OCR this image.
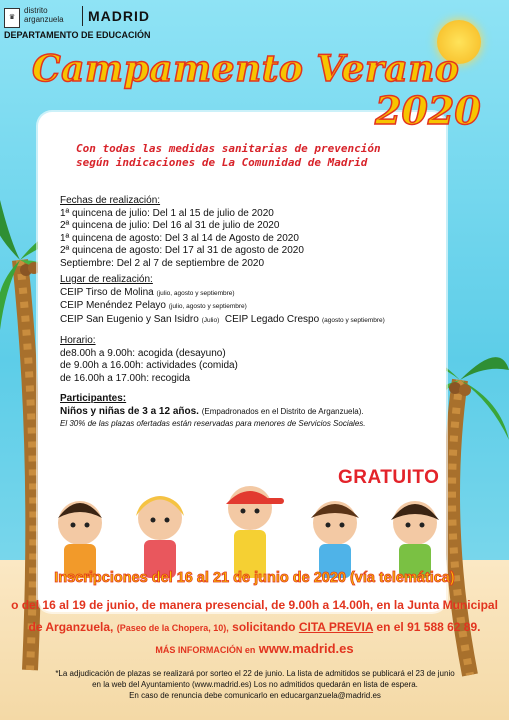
♛
distrito
arganzuela MADRID
DEPARTAMENTO DE EDUCACIÓN
Campamento Verano
2020
Con todas las medidas sanitarias de prevención
según indicaciones de La Comunidad de Madrid
Fechas de realización:
1ª quincena de julio: Del 1 al 15 de julio de 2020
2ª quincena de julio: Del 16 al 31 de julio de 2020
1ª quincena de agosto: Del 3 al 14 de Agosto de 2020
2ª quincena de agosto: Del 17 al 31 de agosto de 2020
Septiembre: Del 2 al 7 de septiembre de 2020
Lugar de realización:
CEIP Tirso de Molina (julio, agosto y septiembre)
CEIP Menéndez Pelayo (julio, agosto y septiembre)
CEIP San Eugenio y San Isidro (Julio) CEIP Legado Crespo (agosto y septiembre)
Horario:
de8.00h a 9.00h: acogida (desayuno)
de 9.00h a 16.00h: actividades (comida)
de 16.00h a 17.00h: recogida
Participantes:
Niños y niñas de 3 a 12 años. (Empadronados en el Distrito de Arganzuela).
El 30% de las plazas ofertadas están reservadas para menores de Servicios Sociales.
GRATUITO
Inscripciones del 16 al 21 de junio de 2020 (vía telemática)
o del 16 al 19 de junio, de manera presencial, de 9.00h a 14.00h, en la Junta Municipal
de Arganzuela, (Paseo de la Chopera, 10), solicitando CITA PREVIA en el 91 588 62 89.
MÁS INFORMACIÓN en www.madrid.es
*La adjudicación de plazas se realizará por sorteo el 22 de junio. La lista de admitidos se publicará el 23 de junio
en la web del Ayuntamiento (www.madrid.es) Los no admitidos quedarán en lista de espera.
En caso de renuncia debe comunicarlo en educarganzuela@madrid.es
